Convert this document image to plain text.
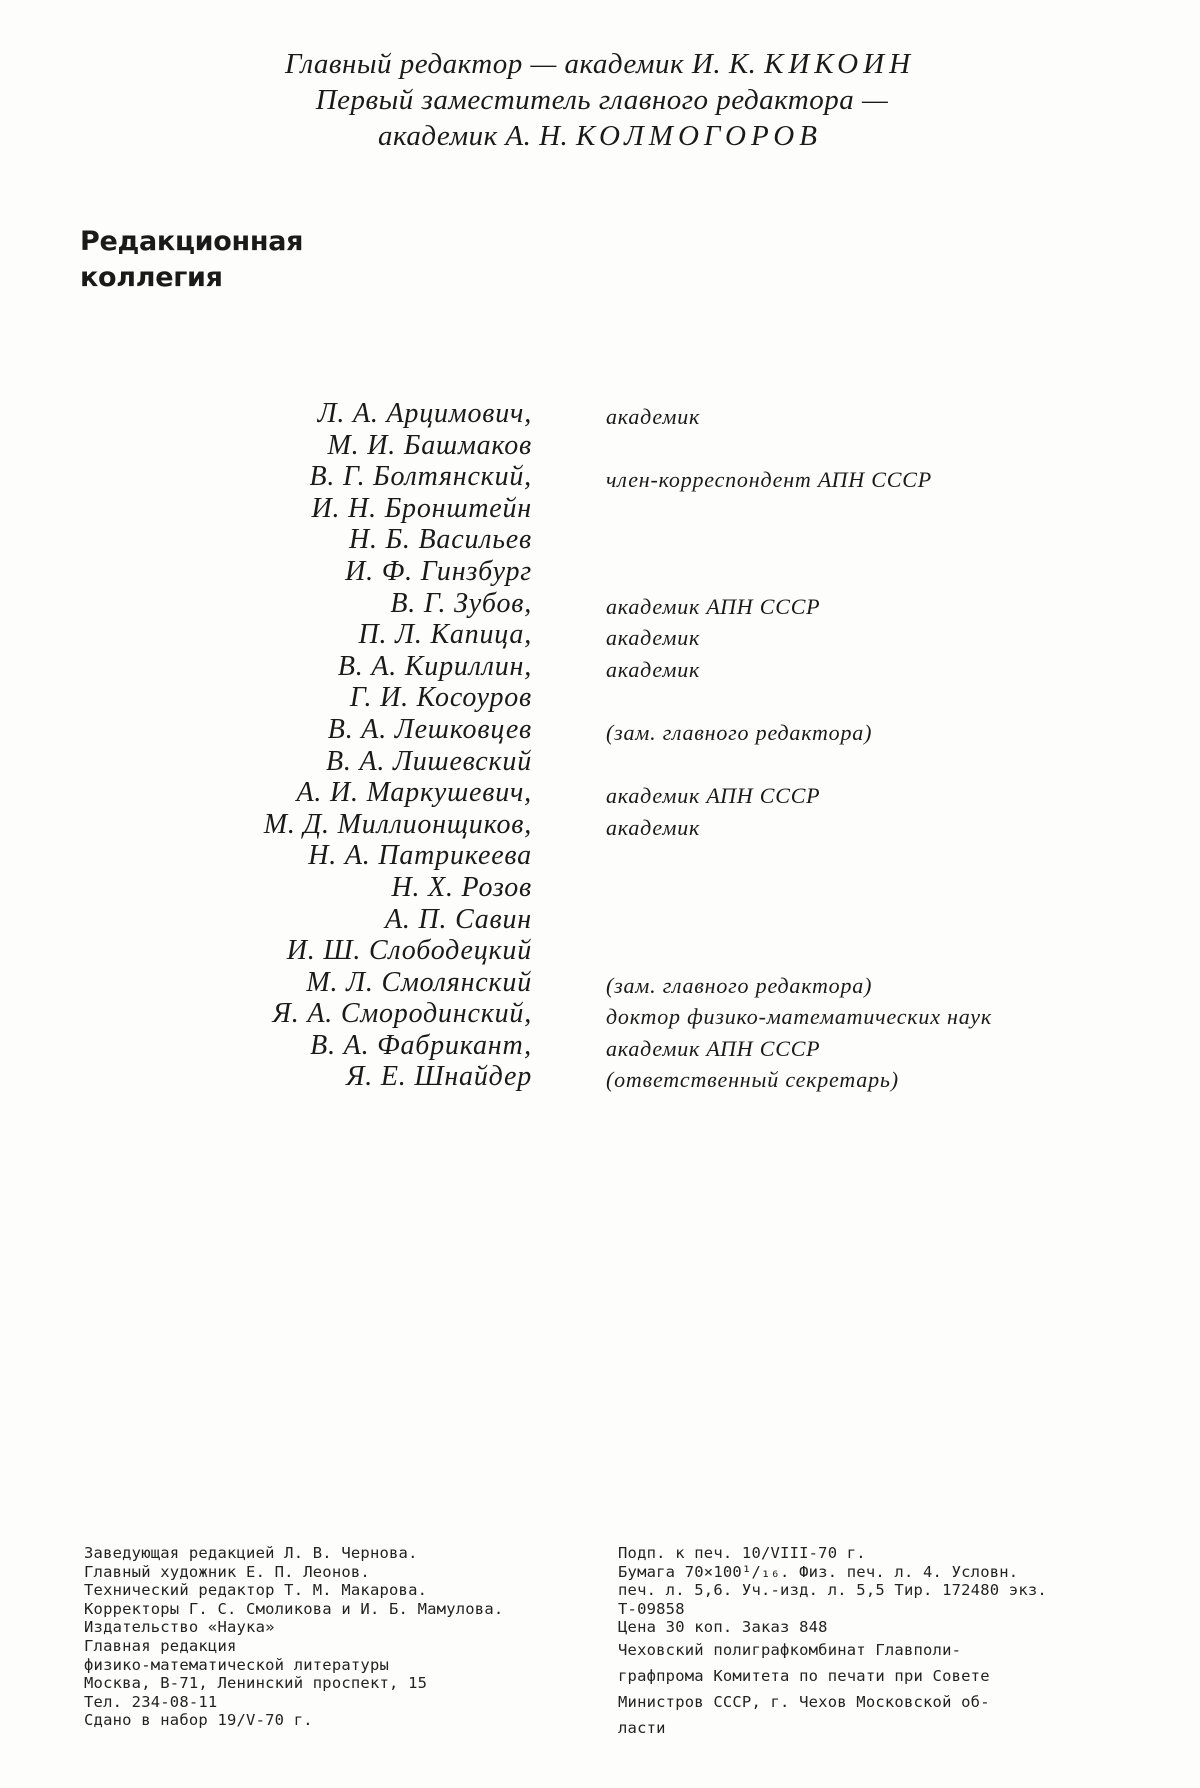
Главный редактор — академик И. К. КИКОИН
Первый заместитель главного редактора —
академик А. Н. КОЛМОГОРОВ
Редакционная
коллегия
Л. А. Арцимович,	академик
М. И. Башмаков
В. Г. Болтянский,	член-корреспондент АПН СССР
И. Н. Бронштейн
Н. Б. Васильев
И. Ф. Гинзбург
В. Г. Зубов,	академик АПН СССР
П. Л. Капица,	академик
В. А. Кириллин,	академик
Г. И. Косоуров
В. А. Лешковцев	(зам. главного редактора)
В. А. Лишевский
А. И. Маркушевич,	академик АПН СССР
М. Д. Миллионщиков,	академик
Н. А. Патрикеева
Н. Х. Розов
А. П. Савин
И. Ш. Слободецкий
М. Л. Смолянский	(зам. главного редактора)
Я. А. Смородинский,	доктор физико-математических наук
В. А. Фабрикант,	академик АПН СССР
Я. Е. Шнайдер	(ответственный секретарь)
Заведующая редакцией Л. В. Чернова.
Главный художник Е. П. Леонов.
Технический редактор Т. М. Макарова.
Корректоры Г. С. Смоликова и И. Б. Мамулова.
Издательство «Наука»
Главная редакция
физико-математической литературы
Москва, В-71, Ленинский проспект, 15
Тел. 234-08-11
Сдано в набор 19/V-70 г.
Подп. к печ. 10/VIII-70 г.
Бумага 70×100¹/₁₆. Физ. печ. л. 4. Условн.
печ. л. 5,6. Уч.-изд. л. 5,5 Тир. 172480 экз.
Т-09858
Цена 30 коп. Заказ 848
Чеховский полиграфкомбинат Главполи-
графпрома Комитета по печати при Совете
Министров СССР, г. Чехов Московской об-
ласти
